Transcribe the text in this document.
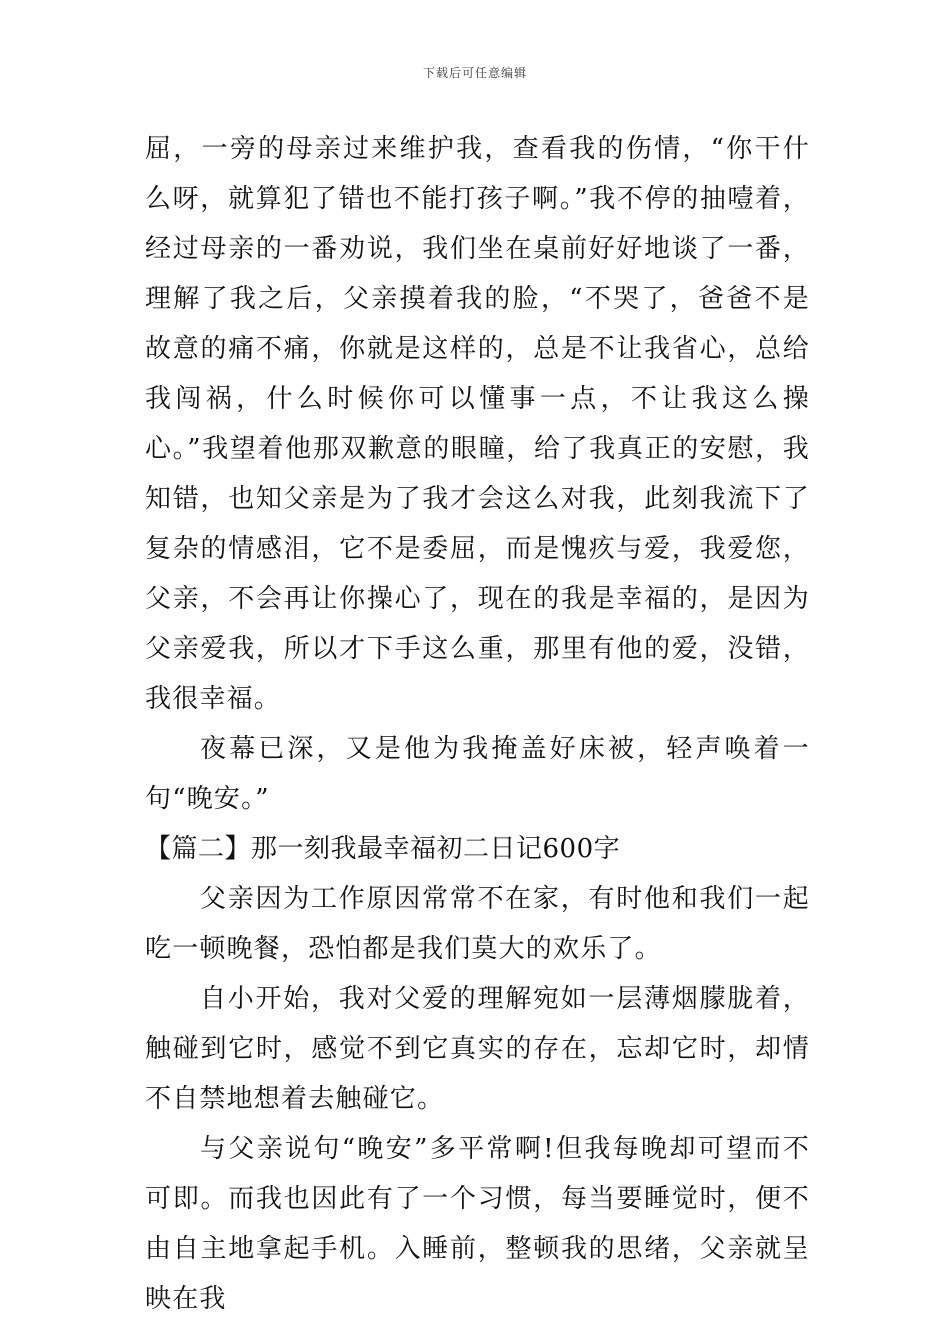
下载后可任意编辑

屈，一旁的母亲过来维护我，查看我的伤情，“你干什么呀，就算犯了错也不能打孩子啊。”我不停的抽噎着，经过母亲的一番劝说，我们坐在桌前好好地谈了一番，理解了我之后，父亲摸着我的脸，“不哭了，爸爸不是故意的痛不痛，你就是这样的，总是不让我省心，总给我闯祸，什么时候你可以懂事一点，不让我这么操心。”我望着他那双歉意的眼瞳，给了我真正的安慰，我知错，也知父亲是为了我才会这么对我，此刻我流下了复杂的情感泪，它不是委屈，而是愧疚与爱，我爱您，父亲，不会再让你操心了，现在的我是幸福的，是因为父亲爱我，所以才下手这么重，那里有他的爱，没错，我很幸福。

夜幕已深，又是他为我掩盖好床被，轻声唤着一句“晚安。”

【篇二】那一刻我最幸福初二日记600字

父亲因为工作原因常常不在家，有时他和我们一起吃一顿晚餐，恐怕都是我们莫大的欢乐了。

自小开始，我对父爱的理解宛如一层薄烟朦胧着，触碰到它时，感觉不到它真实的存在，忘却它时，却情不自禁地想着去触碰它。

与父亲说句“晚安”多平常啊!但我每晚却可望而不可即。而我也因此有了一个习惯，每当要睡觉时，便不由自主地拿起手机。入睡前，整顿我的思绪，父亲就呈映在我
